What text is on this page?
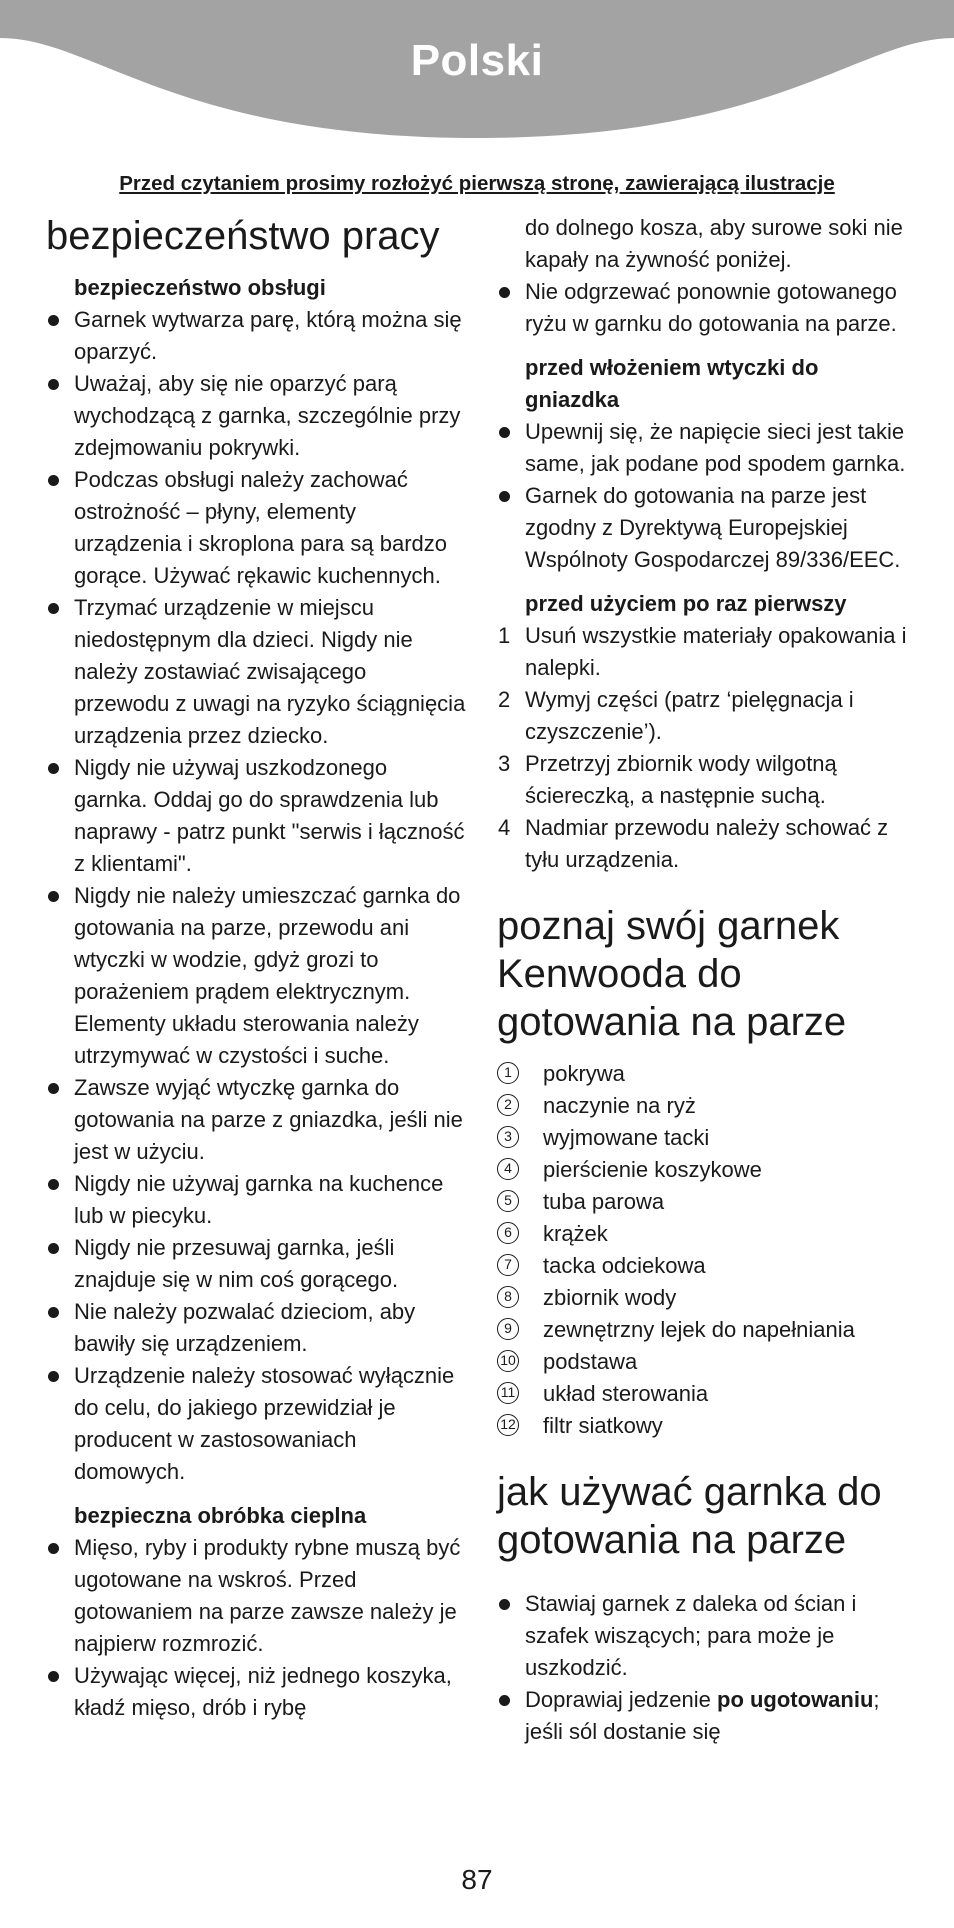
Polski
Przed czytaniem prosimy rozłożyć pierwszą stronę, zawierającą ilustracje
bezpieczeństwo pracy

bezpieczeństwo obsługi

Garnek wytwarza parę, którą można się oparzyć.
Uważaj, aby się nie oparzyć parą wychodzącą z garnka, szczególnie przy zdejmowaniu pokrywki.
Podczas obsługi należy zachować ostrożność – płyny, elementy urządzenia i skroplona para są bardzo gorące. Używać rękawic kuchennych.
Trzymać urządzenie w miejscu niedostępnym dla dzieci. Nigdy nie należy zostawiać zwisającego przewodu z uwagi na ryzyko ściągnięcia urządzenia przez dziecko.
Nigdy nie używaj uszkodzonego garnka. Oddaj go do sprawdzenia lub naprawy - patrz punkt "serwis i łączność z klientami".
Nigdy nie należy umieszczać garnka do gotowania na parze, przewodu ani wtyczki w wodzie, gdyż grozi to porażeniem prądem elektrycznym. Elementy układu sterowania należy utrzymywać w czystości i suche.
Zawsze wyjąć wtyczkę garnka do gotowania na parze z gniazdka, jeśli nie jest w użyciu.
Nigdy nie używaj garnka na kuchence lub w piecyku.
Nigdy nie przesuwaj garnka, jeśli znajduje się w nim coś gorącego.
Nie należy pozwalać dzieciom, aby bawiły się urządzeniem.
Urządzenie należy stosować wyłącznie do celu, do jakiego przewidział je producent w zastosowaniach domowych.

bezpieczna obróbka cieplna

Mięso, ryby i produkty rybne muszą być ugotowane na wskroś. Przed gotowaniem na parze zawsze należy je najpierw rozmrozić.
Używając więcej, niż jednego koszyka, kładź mięso, drób i rybę
do dolnego kosza, aby surowe soki nie kapały na żywność poniżej.
Nie odgrzewać ponownie gotowanego ryżu w garnku do gotowania na parze.

przed włożeniem wtyczki do gniazdka

Upewnij się, że napięcie sieci jest takie same, jak podane pod spodem garnka.
Garnek do gotowania na parze jest zgodny z Dyrektywą Europejskiej Wspólnoty Gospodarczej 89/336/EEC.

przed użyciem po raz pierwszy

1 Usuń wszystkie materiały opakowania i nalepki.
2 Wymyj części (patrz ‘pielęgnacja i czyszczenie’).
3 Przetrzyj zbiornik wody wilgotną ściereczką, a następnie suchą.
4 Nadmiar przewodu należy schować z tyłu urządzenia.
poznaj swój garnek Kenwooda do gotowania na parze
1	pokrywa
2	naczynie na ryż
3	wyjmowane tacki
4	pierścienie koszykowe
5	tuba parowa
6	krążek
7	tacka odciekowa
8	zbiornik wody
9	zewnętrzny lejek do napełniania
10 podstawa
11 układ sterowania
12 filtr siatkowy
jak używać garnka do gotowania na parze
Stawiaj garnek z daleka od ścian i szafek wiszących; para może je uszkodzić.
Doprawiaj jedzenie po ugotowaniu; jeśli sól dostanie się
87
